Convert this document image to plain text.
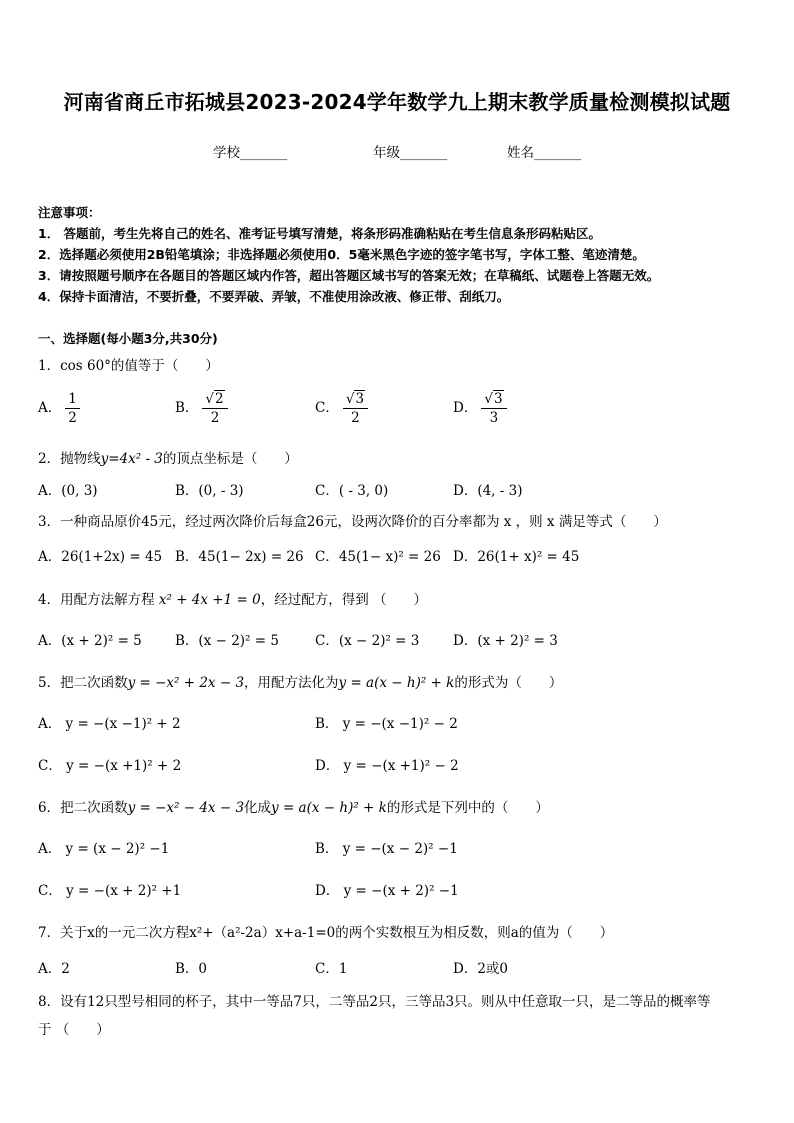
河南省商丘市拓城县2023-2024学年数学九上期末教学质量检测模拟试题
学校_______	年级_______	姓名_______
注意事项：
1． 答题前，考生先将自己的姓名、准考证号填写清楚，将条形码准确粘贴在考生信息条形码粘贴区。
2．选择题必须使用2B铅笔填涂；非选择题必须使用0．5毫米黑色字迹的签字笔书写，字体工整、笔迹清楚。
3．请按照题号顺序在各题目的答题区域内作答，超出答题区域书写的答案无效；在草稿纸、试题卷上答题无效。
4．保持卡面清洁，不要折叠，不要弄破、弄皱，不准使用涂改液、修正带、刮纸刀。
一、选择题(每小题3分,共30分)
1．cos 60°的值等于（　　）
A． $\frac{1}{2}$	B． $\frac{√2}{2}$	C． $\frac{√3}{2}$	D． $\frac{√3}{3}$
2．抛物线y=4x² - 3的顶点坐标是（　　）
A．(0, 3)	B．(0, - 3)	C．( - 3, 0)	D．(4, - 3)
3．一种商品原价45元，经过两次降价后每盒26元，设两次降价的百分率都为 x ，则 x 满足等式（　　）
A．26(1+2x) = 45 B．45(1− 2x) = 26 C．45(1− x)² = 26 D．26(1+ x)² = 45
4．用配方法解方程 x² + 4x +1 = 0，经过配方，得到 （　　）
A．(x + 2)² = 5 B．(x − 2)² = 5	C．(x − 2)² = 3 D．(x + 2)² = 3
5．把二次函数y = −x² + 2x − 3，用配方法化为y = a(x − h)² + k的形式为（　　）
A． y = −(x −1)² + 2	B． y = −(x −1)² − 2
C． y = −(x +1)² + 2	D． y = −(x +1)² − 2
6．把二次函数y = −x² − 4x − 3化成y = a(x − h)² + k的形式是下列中的（　　）
A． y = (x − 2)² −1	B． y = −(x − 2)² −1
C． y = −(x + 2)² +1	D． y = −(x + 2)² −1
7．关于x的一元二次方程x²+（a²-2a）x+a-1=0的两个实数根互为相反数，则a的值为（　　）
A．2	B．0	C．1	D．2或0
8．设有12只型号相同的杯子，其中一等品7只，二等品2只，三等品3只。则从中任意取一只，是二等品的概率等
于 （　　）
